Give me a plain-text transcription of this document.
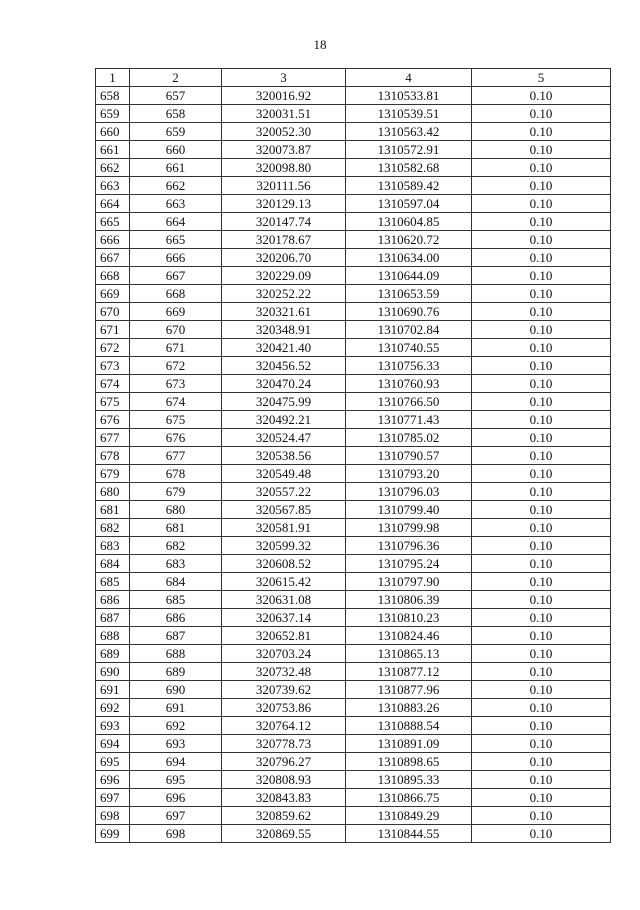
18
1	2	3	4	5
658	657	320016.92	1310533.81	0.10
659	658	320031.51	1310539.51	0.10
660	659	320052.30	1310563.42	0.10
661	660	320073.87	1310572.91	0.10
662	661	320098.80	1310582.68	0.10
663	662	320111.56	1310589.42	0.10
664	663	320129.13	1310597.04	0.10
665	664	320147.74	1310604.85	0.10
666	665	320178.67	1310620.72	0.10
667	666	320206.70	1310634.00	0.10
668	667	320229.09	1310644.09	0.10
669	668	320252.22	1310653.59	0.10
670	669	320321.61	1310690.76	0.10
671	670	320348.91	1310702.84	0.10
672	671	320421.40	1310740.55	0.10
673	672	320456.52	1310756.33	0.10
674	673	320470.24	1310760.93	0.10
675	674	320475.99	1310766.50	0.10
676	675	320492.21	1310771.43	0.10
677	676	320524.47	1310785.02	0.10
678	677	320538.56	1310790.57	0.10
679	678	320549.48	1310793.20	0.10
680	679	320557.22	1310796.03	0.10
681	680	320567.85	1310799.40	0.10
682	681	320581.91	1310799.98	0.10
683	682	320599.32	1310796.36	0.10
684	683	320608.52	1310795.24	0.10
685	684	320615.42	1310797.90	0.10
686	685	320631.08	1310806.39	0.10
687	686	320637.14	1310810.23	0.10
688	687	320652.81	1310824.46	0.10
689	688	320703.24	1310865.13	0.10
690	689	320732.48	1310877.12	0.10
691	690	320739.62	1310877.96	0.10
692	691	320753.86	1310883.26	0.10
693	692	320764.12	1310888.54	0.10
694	693	320778.73	1310891.09	0.10
695	694	320796.27	1310898.65	0.10
696	695	320808.93	1310895.33	0.10
697	696	320843.83	1310866.75	0.10
698	697	320859.62	1310849.29	0.10
699	698	320869.55	1310844.55	0.10
